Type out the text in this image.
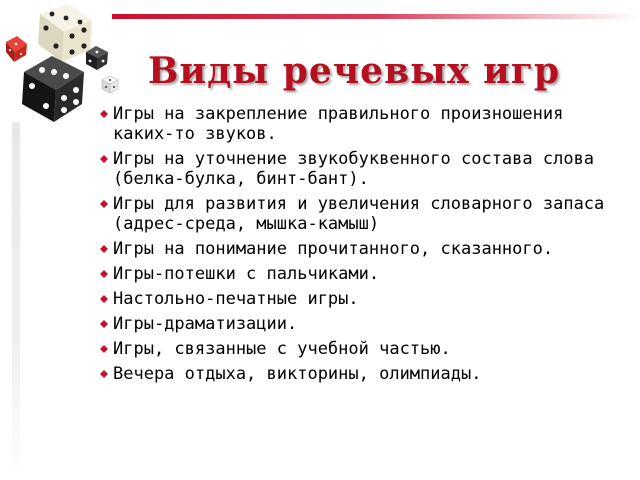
Виды речевых игр
Игры на закрепление правильного произношения каких-то звуков.
Игры на уточнение звукобуквенного состава слова (белка-булка, бинт-бант).
Игры для развития и увеличения словарного запаса (адрес-среда, мышка-камыш)
Игры на понимание прочитанного, сказанного.
Игры-потешки с пальчиками.
Настольно-печатные игры.
Игры-драматизации.
Игры, связанные с учебной частью.
Вечера отдыха, викторины, олимпиады.
